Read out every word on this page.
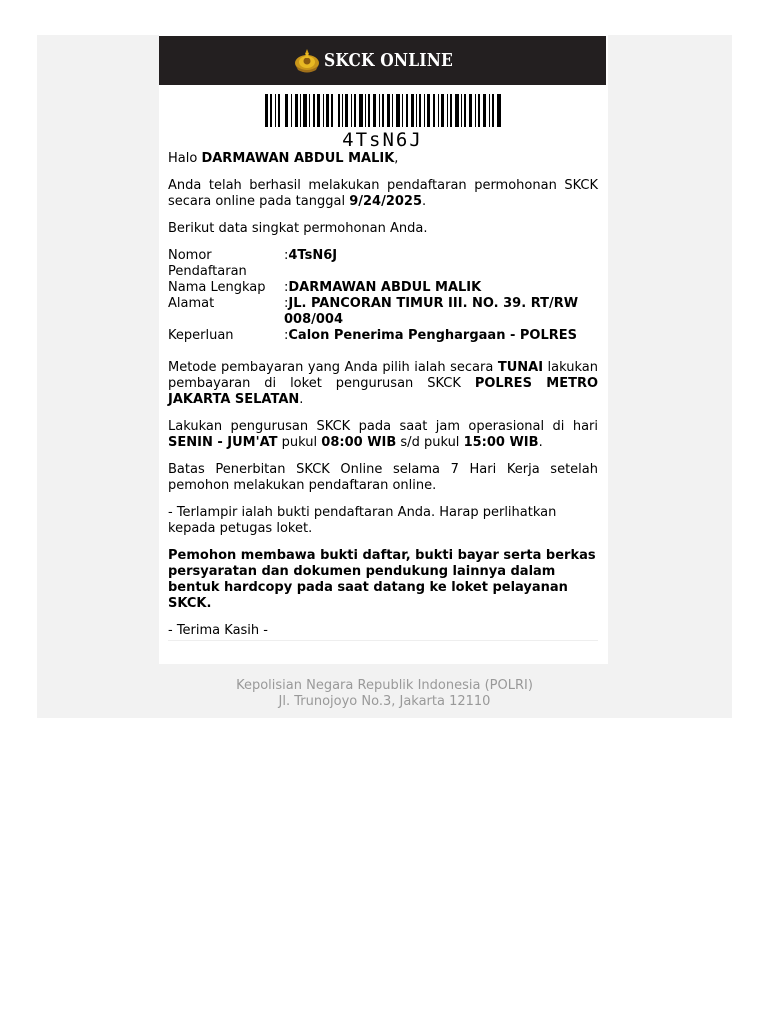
SKCK ONLINE
4TsN6J

Halo DARMAWAN ABDUL MALIK,

Anda telah berhasil melakukan pendaftaran permohonan SKCK secara online pada tanggal 9/24/2025.

Berikut data singkat permohonan Anda.

Nomor Pendaftaran	:4TsN6J
Nama Lengkap	:DARMAWAN ABDUL MALIK
Alamat	:JL. PANCORAN TIMUR III. NO. 39. RT/RW 008/004
Keperluan	:Calon Penerima Penghargaan - POLRES

Metode pembayaran yang Anda pilih ialah secara TUNAI lakukan pembayaran di loket pengurusan SKCK POLRES METRO JAKARTA SELATAN.

Lakukan pengurusan SKCK pada saat jam operasional di hari SENIN - JUM'AT pukul 08:00 WIB s/d pukul 15:00 WIB.

Batas Penerbitan SKCK Online selama 7 Hari Kerja setelah pemohon melakukan pendaftaran online.

- Terlampir ialah bukti pendaftaran Anda. Harap perlihatkan kepada petugas loket.

Pemohon membawa bukti daftar, bukti bayar serta berkas persyaratan dan dokumen pendukung lainnya dalam bentuk hardcopy pada saat datang ke loket pelayanan SKCK.

- Terima Kasih -

Kepolisian Negara Republik Indonesia (POLRI)
Jl. Trunojoyo No.3, Jakarta 12110
